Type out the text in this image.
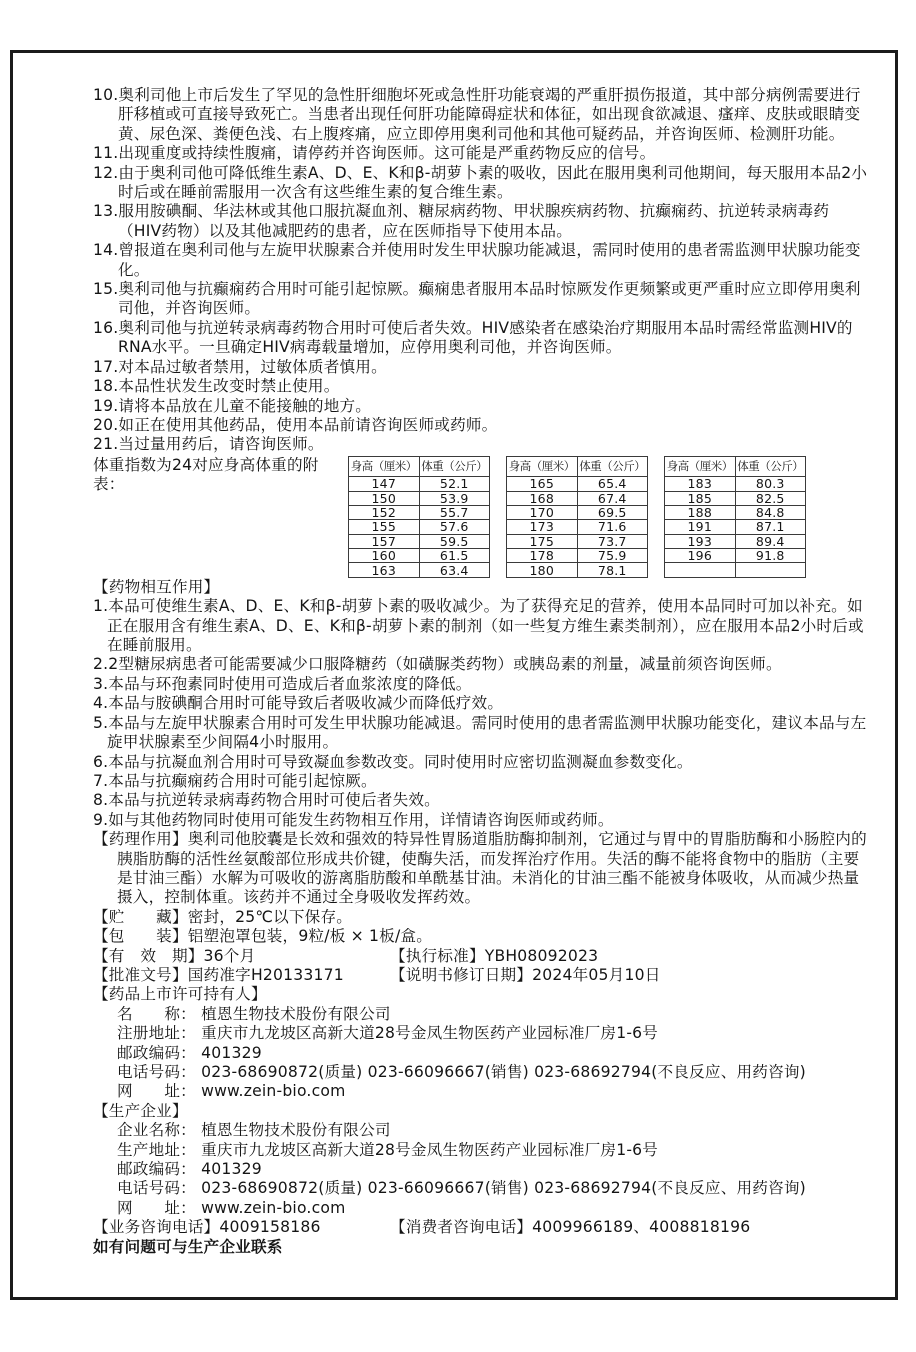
10.奥利司他上市后发生了罕见的急性肝细胞坏死或急性肝功能衰竭的严重肝损伤报道，其中部分病例需要进行肝移植或可直接导致死亡。当患者出现任何肝功能障碍症状和体征，如出现食欲减退、瘙痒、皮肤或眼睛变黄、尿色深、粪便色浅、右上腹疼痛，应立即停用奥利司他和其他可疑药品，并咨询医师、检测肝功能。

11.出现重度或持续性腹痛，请停药并咨询医师。这可能是严重药物反应的信号。

12.由于奥利司他可降低维生素A、D、E、K和β-胡萝卜素的吸收，因此在服用奥利司他期间，每天服用本品2小时后或在睡前需服用一次含有这些维生素的复合维生素。

13.服用胺碘酮、华法林或其他口服抗凝血剂、糖尿病药物、甲状腺疾病药物、抗癫痫药、抗逆转录病毒药（HIV药物）以及其他减肥药的患者，应在医师指导下使用本品。

14.曾报道在奥利司他与左旋甲状腺素合并使用时发生甲状腺功能减退，需同时使用的患者需监测甲状腺功能变化。

15.奥利司他与抗癫痫药合用时可能引起惊厥。癫痫患者服用本品时惊厥发作更频繁或更严重时应立即停用奥利司他，并咨询医师。

16.奥利司他与抗逆转录病毒药物合用时可使后者失效。HIV感染者在感染治疗期服用本品时需经常监测HIV的RNA水平。一旦确定HIV病毒载量增加，应停用奥利司他，并咨询医师。

17.对本品过敏者禁用，过敏体质者慎用。

18.本品性状发生改变时禁止使用。

19.请将本品放在儿童不能接触的地方。

20.如正在使用其他药品，使用本品前请咨询医师或药师。

21.当过量用药后，请咨询医师。

体重指数为24对应身高体重的附表：

身高（厘米）	体重（公斤）
147	52.1
150	53.9
152	55.7
155	57.6
157	59.5
160	61.5
163	63.4
身高（厘米）	体重（公斤）
165	65.4
168	67.4
170	69.5
173	71.6
175	73.7
178	75.9
180	78.1
身高（厘米）	体重（公斤）
183	80.3
185	82.5
188	84.8
191	87.1
193	89.4
196	91.8

【药物相互作用】

1.本品可使维生素A、D、E、K和β-胡萝卜素的吸收减少。为了获得充足的营养，使用本品同时可加以补充。如正在服用含有维生素A、D、E、K和β-胡萝卜素的制剂（如一些复方维生素类制剂），应在服用本品2小时后或在睡前服用。

2.2型糖尿病患者可能需要减少口服降糖药（如磺脲类药物）或胰岛素的剂量，减量前须咨询医师。

3.本品与环孢素同时使用可造成后者血浆浓度的降低。

4.本品与胺碘酮合用时可能导致后者吸收减少而降低疗效。

5.本品与左旋甲状腺素合用时可发生甲状腺功能减退。需同时使用的患者需监测甲状腺功能变化，建议本品与左旋甲状腺素至少间隔4小时服用。

6.本品与抗凝血剂合用时可导致凝血参数改变。同时使用时应密切监测凝血参数变化。

7.本品与抗癫痫药合用时可能引起惊厥。

8.本品与抗逆转录病毒药物合用时可使后者失效。

9.如与其他药物同时使用可能发生药物相互作用，详情请咨询医师或药师。

【药理作用】奥利司他胶囊是长效和强效的特异性胃肠道脂肪酶抑制剂，它通过与胃中的胃脂肪酶和小肠腔内的胰脂肪酶的活性丝氨酸部位形成共价键，使酶失活，而发挥治疗作用。失活的酶不能将食物中的脂肪（主要是甘油三酯）水解为可吸收的游离脂肪酸和单酰基甘油。未消化的甘油三酯不能被身体吸收，从而减少热量摄入，控制体重。该药并不通过全身吸收发挥药效。

【贮　　藏】密封，25℃以下保存。

【包　　装】铝塑泡罩包装，9粒/板 × 1板/盒。

【有　效　期】36个月	【执行标准】YBH08092023

【批准文号】国药准字H20133171	【说明书修订日期】2024年05月10日

【药品上市许可持有人】

名　　称： 植恩生物技术股份有限公司

注册地址： 重庆市九龙坡区高新大道28号金凤生物医药产业园标准厂房1-6号

邮政编码： 401329

电话号码： 023-68690872(质量) 023-66096667(销售) 023-68692794(不良反应、用药咨询)

网　　址： www.zein-bio.com

【生产企业】

企业名称： 植恩生物技术股份有限公司

生产地址： 重庆市九龙坡区高新大道28号金凤生物医药产业园标准厂房1-6号

邮政编码： 401329

电话号码： 023-68690872(质量) 023-66096667(销售) 023-68692794(不良反应、用药咨询)

网　　址： www.zein-bio.com

【业务咨询电话】4009158186	【消费者咨询电话】4009966189、4008818196

如有问题可与生产企业联系
